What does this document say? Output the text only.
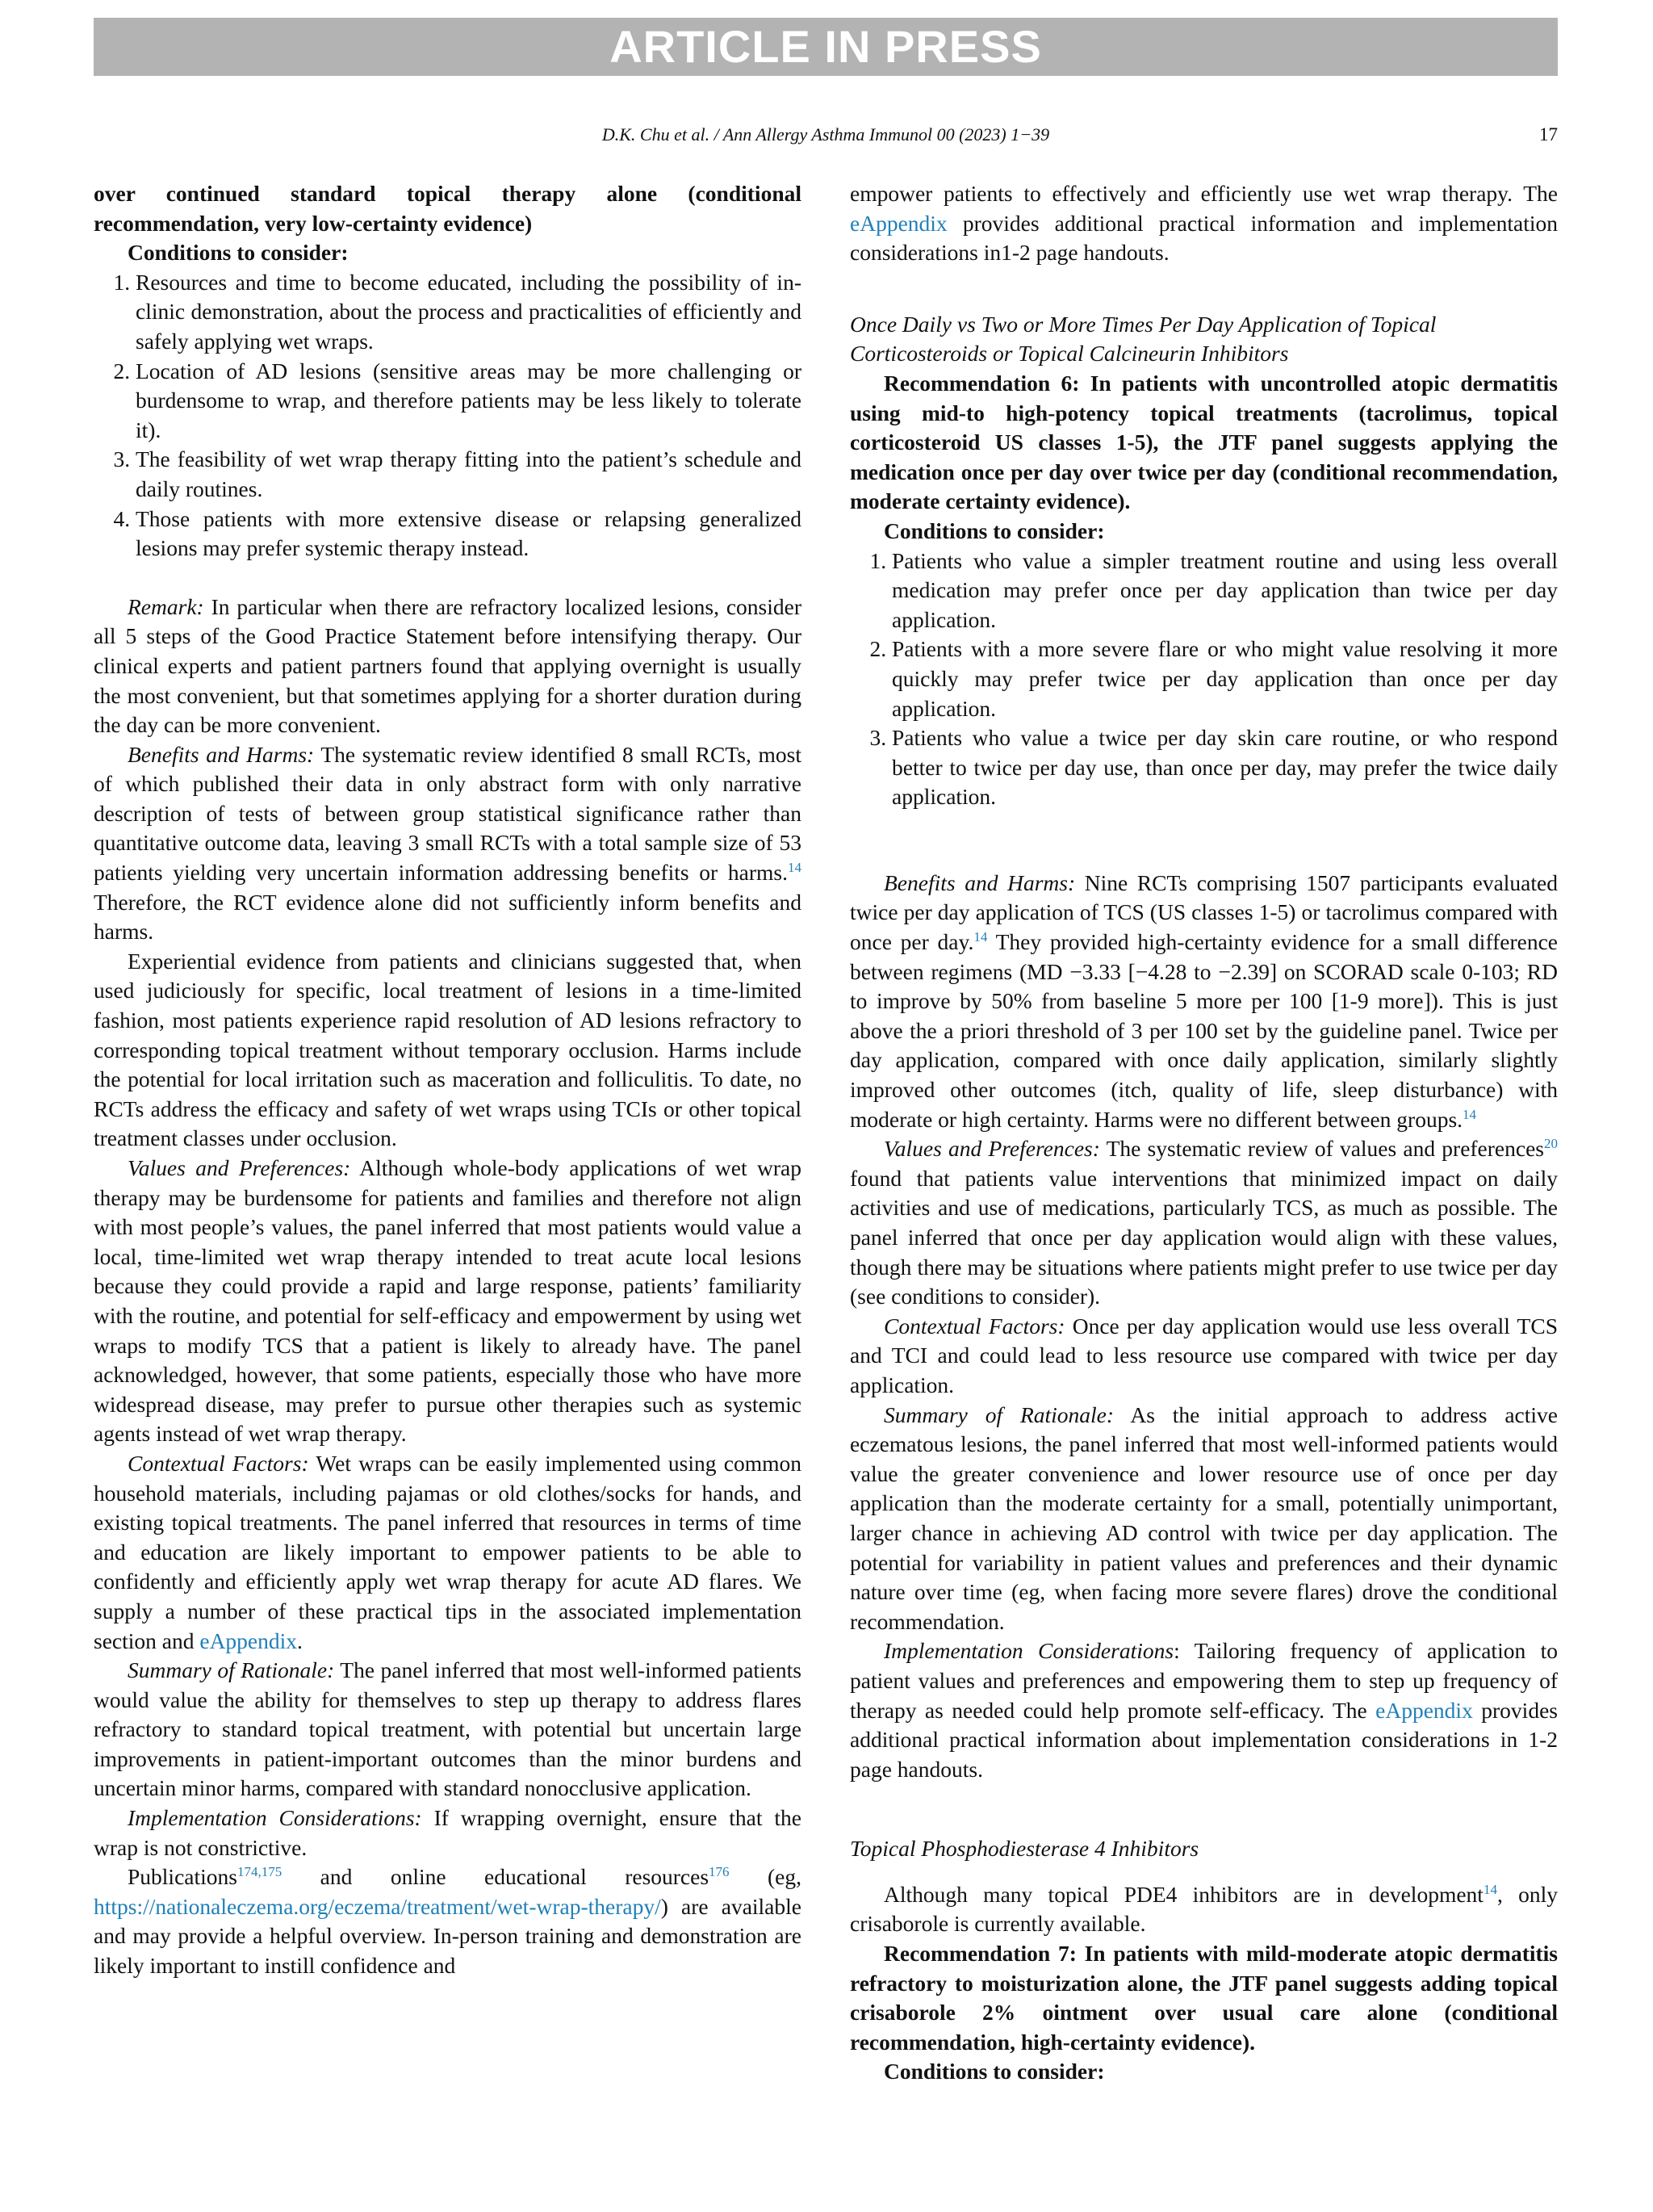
ARTICLE IN PRESS
D.K. Chu et al. / Ann Allergy Asthma Immunol 00 (2023) 1−39	17

over continued standard topical therapy alone (conditional recommendation, very low-certainty evidence)

Conditions to consider:

1. Resources and time to become educated, including the possibility of in-clinic demonstration, about the process and practicalities of efficiently and safely applying wet wraps.
2. Location of AD lesions (sensitive areas may be more challenging or burdensome to wrap, and therefore patients may be less likely to tolerate it).
3. The feasibility of wet wrap therapy fitting into the patient’s schedule and daily routines.
4. Those patients with more extensive disease or relapsing generalized lesions may prefer systemic therapy instead.

Remark: In particular when there are refractory localized lesions, consider all 5 steps of the Good Practice Statement before intensifying therapy. Our clinical experts and patient partners found that applying overnight is usually the most convenient, but that sometimes applying for a shorter duration during the day can be more convenient.

Benefits and Harms: The systematic review identified 8 small RCTs, most of which published their data in only abstract form with only narrative description of tests of between group statistical significance rather than quantitative outcome data, leaving 3 small RCTs with a total sample size of 53 patients yielding very uncertain information addressing benefits or harms.$^{14}$ Therefore, the RCT evidence alone did not sufficiently inform benefits and harms.

Experiential evidence from patients and clinicians suggested that, when used judiciously for specific, local treatment of lesions in a time-limited fashion, most patients experience rapid resolution of AD lesions refractory to corresponding topical treatment without temporary occlusion. Harms include the potential for local irritation such as maceration and folliculitis. To date, no RCTs address the efficacy and safety of wet wraps using TCIs or other topical treatment classes under occlusion.

Values and Preferences: Although whole-body applications of wet wrap therapy may be burdensome for patients and families and therefore not align with most people’s values, the panel inferred that most patients would value a local, time-limited wet wrap therapy intended to treat acute local lesions because they could provide a rapid and large response, patients’ familiarity with the routine, and potential for self-efficacy and empowerment by using wet wraps to modify TCS that a patient is likely to already have. The panel acknowledged, however, that some patients, especially those who have more widespread disease, may prefer to pursue other therapies such as systemic agents instead of wet wrap therapy.

Contextual Factors: Wet wraps can be easily implemented using common household materials, including pajamas or old clothes/socks for hands, and existing topical treatments. The panel inferred that resources in terms of time and education are likely important to empower patients to be able to confidently and efficiently apply wet wrap therapy for acute AD flares. We supply a number of these practical tips in the associated implementation section and eAppendix.

Summary of Rationale: The panel inferred that most well-informed patients would value the ability for themselves to step up therapy to address flares refractory to standard topical treatment, with potential but uncertain large improvements in patient-important outcomes than the minor burdens and uncertain minor harms, compared with standard nonocclusive application.

Implementation Considerations: If wrapping overnight, ensure that the wrap is not constrictive.

Publications$^{174,175}$ and online educational resources$^{176}$ (eg, https://nationaleczema.org/eczema/treatment/wet-wrap-therapy/) are available and may provide a helpful overview. In-person training and demonstration are likely important to instill confidence and

empower patients to effectively and efficiently use wet wrap therapy. The eAppendix provides additional practical information and implementation considerations in1-2 page handouts.

Once Daily vs Two or More Times Per Day Application of Topical Corticosteroids or Topical Calcineurin Inhibitors

Recommendation 6: In patients with uncontrolled atopic dermatitis using mid-to high-potency topical treatments (tacrolimus, topical corticosteroid US classes 1-5), the JTF panel suggests applying the medication once per day over twice per day (conditional recommendation, moderate certainty evidence).

Conditions to consider:

1. Patients who value a simpler treatment routine and using less overall medication may prefer once per day application than twice per day application.
2. Patients with a more severe flare or who might value resolving it more quickly may prefer twice per day application than once per day application.
3. Patients who value a twice per day skin care routine, or who respond better to twice per day use, than once per day, may prefer the twice daily application.

Benefits and Harms: Nine RCTs comprising 1507 participants evaluated twice per day application of TCS (US classes 1-5) or tacrolimus compared with once per day.$^{14}$ They provided high-certainty evidence for a small difference between regimens (MD −3.33 [−4.28 to −2.39] on SCORAD scale 0-103; RD to improve by 50% from baseline 5 more per 100 [1-9 more]). This is just above the a priori threshold of 3 per 100 set by the guideline panel. Twice per day application, compared with once daily application, similarly slightly improved other outcomes (itch, quality of life, sleep disturbance) with moderate or high certainty. Harms were no different between groups.$^{14}$

Values and Preferences: The systematic review of values and preferences$^{20}$ found that patients value interventions that minimized impact on daily activities and use of medications, particularly TCS, as much as possible. The panel inferred that once per day application would align with these values, though there may be situations where patients might prefer to use twice per day (see conditions to consider).

Contextual Factors: Once per day application would use less overall TCS and TCI and could lead to less resource use compared with twice per day application.

Summary of Rationale: As the initial approach to address active eczematous lesions, the panel inferred that most well-informed patients would value the greater convenience and lower resource use of once per day application than the moderate certainty for a small, potentially unimportant, larger chance in achieving AD control with twice per day application. The potential for variability in patient values and preferences and their dynamic nature over time (eg, when facing more severe flares) drove the conditional recommendation.

Implementation Considerations: Tailoring frequency of application to patient values and preferences and empowering them to step up frequency of therapy as needed could help promote self-efficacy. The eAppendix provides additional practical information about implementation considerations in 1-2 page handouts.

Topical Phosphodiesterase 4 Inhibitors

Although many topical PDE4 inhibitors are in development$^{14}$, only crisaborole is currently available.

Recommendation 7: In patients with mild-moderate atopic dermatitis refractory to moisturization alone, the JTF panel suggests adding topical crisaborole 2% ointment over usual care alone (conditional recommendation, high-certainty evidence).

Conditions to consider:
